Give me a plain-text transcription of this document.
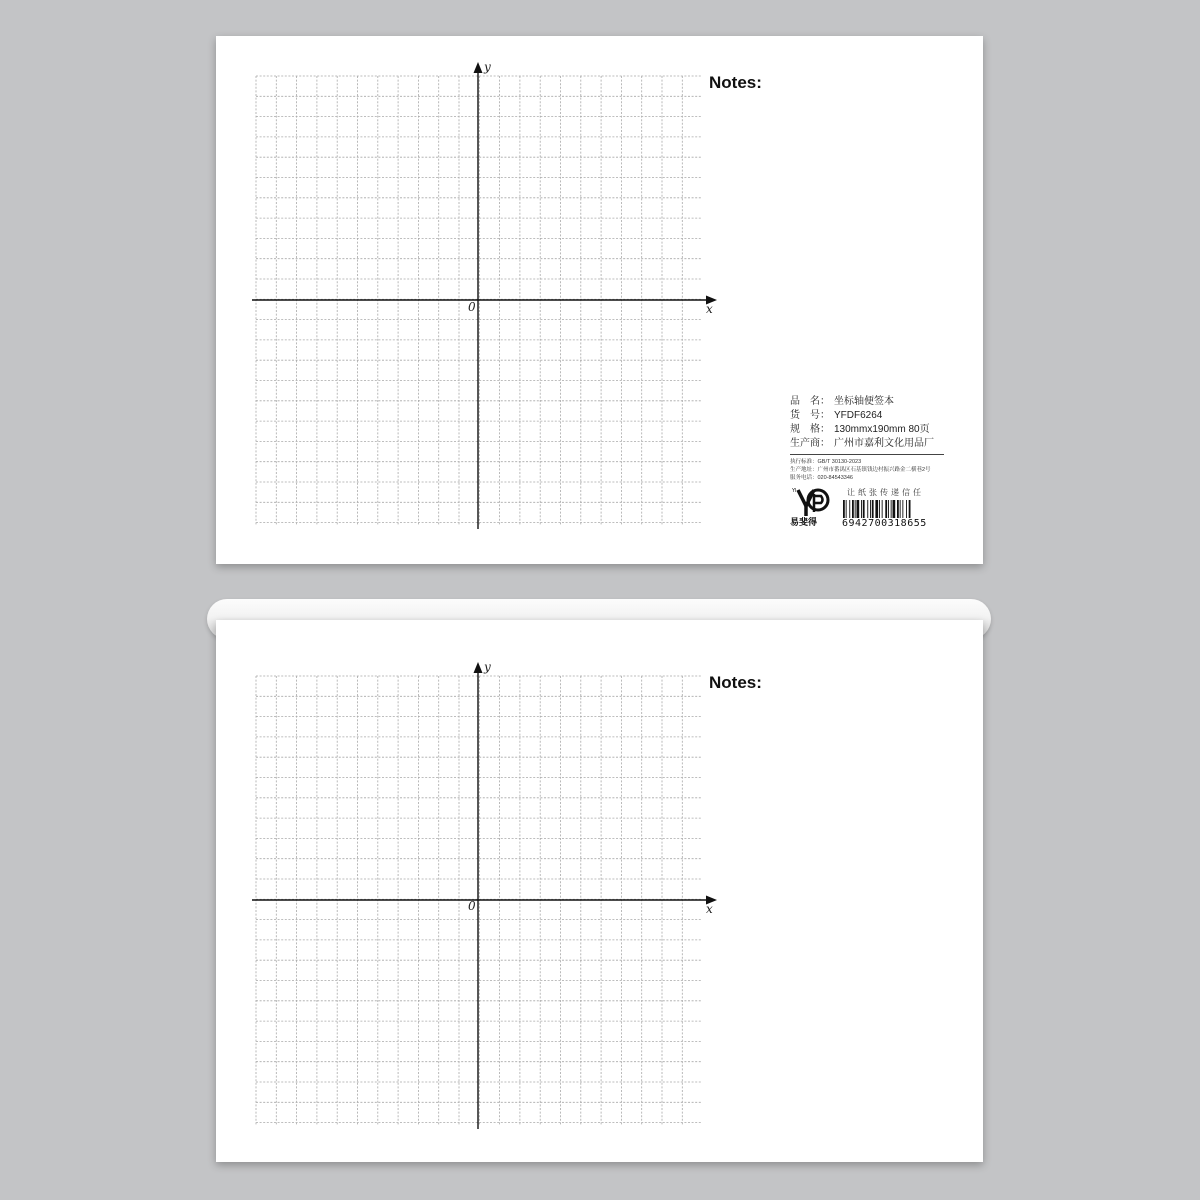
y
x
0
Notes:
品　名： 坐标轴便签本
货　号： YFDF6264
规　格： 130mmx190mm 80页
生产商： 广州市嘉利文化用品厂
执行标准：GB/T 30130-2023
生产地址：广州市番禺区石基镇钱边村振兴路金二横巷2号
服务电话：020-84543346
YI
易斐得
让纸张传递信任
6942700318655
y
x
0
Notes:
